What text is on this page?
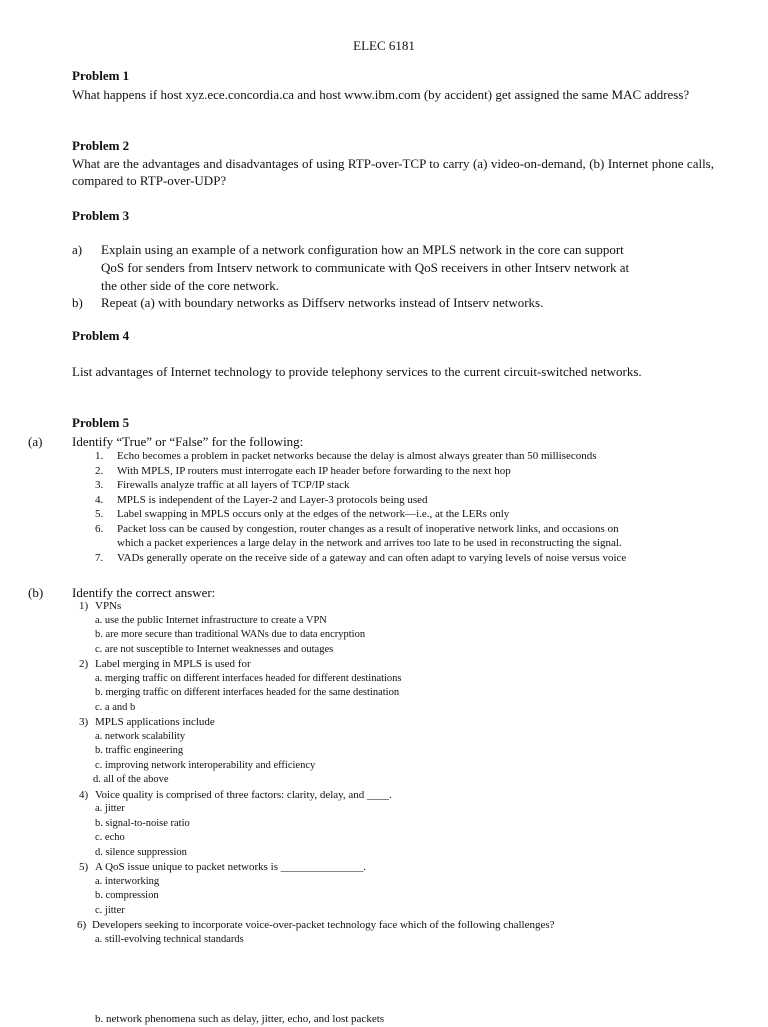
ELEC 6181
Problem 1
What happens if host xyz.ece.concordia.ca and host www.ibm.com (by accident) get assigned the same MAC address?
Problem 2
What are the advantages and disadvantages of using RTP-over-TCP to carry (a) video-on-demand, (b) Internet phone calls, compared to RTP-over-UDP?
Problem 3
a) Explain using an example of a network configuration how an MPLS network in the core can support
QoS for senders from Intserv network to communicate with QoS receivers in other Intserv network at
the other side of the core network.
b) Repeat (a) with boundary networks as Diffserv networks instead of Intserv networks.
Problem 4
List advantages of Internet technology to provide telephony services to the current circuit-switched networks.
Problem 5
(a) Identify “True” or “False” for the following:
1. Echo becomes a problem in packet networks because the delay is almost always greater than 50 milliseconds
2. With MPLS, IP routers must interrogate each IP header before forwarding to the next hop
3. Firewalls analyze traffic at all layers of TCP/IP stack
4. MPLS is independent of the Layer-2 and Layer-3 protocols being used
5. Label swapping in MPLS occurs only at the edges of the network—i.e., at the LERs only
6. Packet loss can be caused by congestion, router changes as a result of inoperative network links, and occasions on
which a packet experiences a large delay in the network and arrives too late to be used in reconstructing the signal.
7. VADs generally operate on the receive side of a gateway and can often adapt to varying levels of noise versus voice
(b) Identify the correct answer:
1) VPNs
a. use the public Internet infrastructure to create a VPN
b. are more secure than traditional WANs due to data encryption
c. are not susceptible to Internet weaknesses and outages
2) Label merging in MPLS is used for
a. merging traffic on different interfaces headed for different destinations
b. merging traffic on different interfaces headed for the same destination
c. a and b
3) MPLS applications include
a. network scalability
b. traffic engineering
c. improving network interoperability and efficiency
d. all of the above
4) Voice quality is comprised of three factors: clarity, delay, and ____.
a. jitter
b. signal-to-noise ratio
c. echo
d. silence suppression
5) A QoS issue unique to packet networks is _______________.
a. interworking
b. compression
c. jitter
6) Developers seeking to incorporate voice-over-packet technology face which of the following challenges?
a. still-evolving technical standards
b. network phenomena such as delay, jitter, echo, and lost packets
